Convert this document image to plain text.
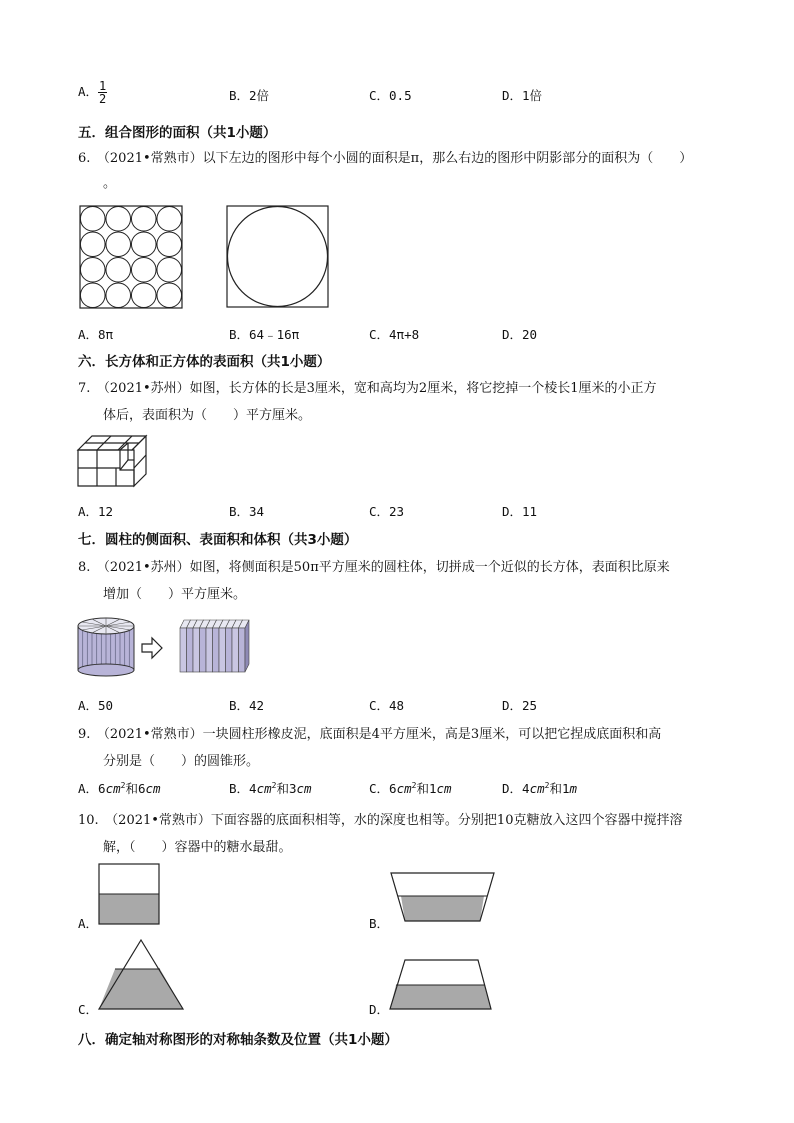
A． $\frac{1}{2}$	B．2倍	C．0.5	D．1倍
五．组合图形的面积（共1小题）
6.　（2021•常熟市）以下左边的图形中每个小圆的面积是π，那么右边的图形中阴影部分的面积为（　　）
。
A．8π	B．64﹣16π	C．4π+8	D．20
六．长方体和正方体的表面积（共1小题）
7.　（2021•苏州）如图，长方体的长是3厘米，宽和高均为2厘米，将它挖掉一个棱长1厘米的小正方
体后，表面积为（　　）平方厘米。
A．12	B．34	C．23	D．11
七．圆柱的侧面积、表面积和体积（共3小题）
8.　（2021•苏州）如图，将侧面积是50π平方厘米的圆柱体，切拼成一个近似的长方体，表面积比原来
增加（　　）平方厘米。
A．50	B．42	C．48	D．25
9.　（2021•常熟市）一块圆柱形橡皮泥，底面积是4平方厘米，高是3厘米，可以把它捏成底面积和高
分别是（　　）的圆锥形。
A．$6cm^2$和6cm	B．$4cm^2$和3cm	C．$6cm^2$和1cm	D．$4cm^2$和1m
10.　（2021•常熟市）下面容器的底面积相等，水的深度也相等。分别把10克糖放入这四个容器中搅拌溶
解，（　　）容器中的糖水最甜。
A．	B．
C．	D．
八．确定轴对称图形的对称轴条数及位置（共1小题）
